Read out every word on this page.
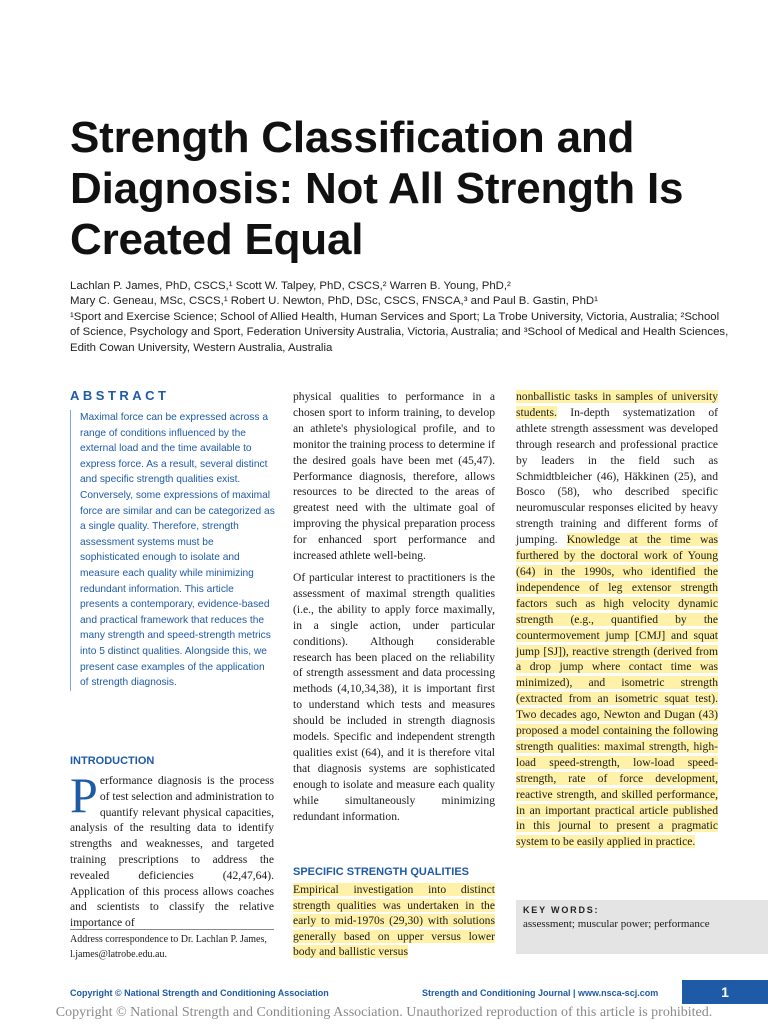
Strength Classification and Diagnosis: Not All Strength Is Created Equal

Lachlan P. James, PhD, CSCS,¹ Scott W. Talpey, PhD, CSCS,² Warren B. Young, PhD,²

Mary C. Geneau, MSc, CSCS,¹ Robert U. Newton, PhD, DSc, CSCS, FNSCA,³ and Paul B. Gastin, PhD¹

¹Sport and Exercise Science; School of Allied Health, Human Services and Sport; La Trobe University, Victoria, Australia; ²School of Science, Psychology and Sport, Federation University Australia, Victoria, Australia; and ³School of Medical and Health Sciences, Edith Cowan University, Western Australia, Australia

ABSTRACT
Maximal force can be expressed across a range of conditions influenced by the external load and the time available to express force. As a result, several distinct and specific strength qualities exist. Conversely, some expressions of maximal force are similar and can be categorized as a single quality. Therefore, strength assessment systems must be sophisticated enough to isolate and measure each quality while minimizing redundant information. This article presents a contemporary, evidence-based and practical framework that reduces the many strength and speed-strength metrics into 5 distinct qualities. Alongside this, we present case examples of the application of strength diagnosis.
INTRODUCTION
Performance diagnosis is the process of test selection and administration to quantify relevant physical capacities, analysis of the resulting data to identify strengths and weaknesses, and targeted training prescriptions to address the revealed deficiencies (42,47,64). Application of this process allows coaches and scientists to classify the relative importance of
Address correspondence to Dr. Lachlan P. James, l.james@latrobe.edu.au.

physical qualities to performance in a chosen sport to inform training, to develop an athlete's physiological profile, and to monitor the training process to determine if the desired goals have been met (45,47). Performance diagnosis, therefore, allows resources to be directed to the areas of greatest need with the ultimate goal of improving the physical preparation process for enhanced sport performance and increased athlete well-being.

Of particular interest to practitioners is the assessment of maximal strength qualities (i.e., the ability to apply force maximally, in a single action, under particular conditions). Although considerable research has been placed on the reliability of strength assessment and data processing methods (4,10,34,38), it is important first to understand which tests and measures should be included in strength diagnosis models. Specific and independent strength qualities exist (64), and it is therefore vital that diagnosis systems are sophisticated enough to isolate and measure each quality while simultaneously minimizing redundant information.

SPECIFIC STRENGTH QUALITIES
Empirical investigation into distinct strength qualities was undertaken in the early to mid-1970s (29,30) with solutions generally based on upper versus lower body and ballistic versus
nonballistic tasks in samples of university students. In-depth systematization of athlete strength assessment was developed through research and professional practice by leaders in the field such as Schmidtbleicher (46), Häkkinen (25), and Bosco (58), who described specific neuromuscular responses elicited by heavy strength training and different forms of jumping. Knowledge at the time was furthered by the doctoral work of Young (64) in the 1990s, who identified the independence of leg extensor strength factors such as high velocity dynamic strength (e.g., quantified by the countermovement jump [CMJ] and squat jump [SJ]), reactive strength (derived from a drop jump where contact time was minimized), and isometric strength (extracted from an isometric squat test). Two decades ago, Newton and Dugan (43) proposed a model containing the following strength qualities: maximal strength, high-load speed-strength, low-load speed-strength, rate of force development, reactive strength, and skilled performance, in an important practical article published in this journal to present a pragmatic system to be easily applied in practice.
KEY WORDS:
assessment; muscular power; performance
Copyright © National Strength and Conditioning Association	Strength and Conditioning Journal | www.nsca-scj.com	1
Copyright © National Strength and Conditioning Association. Unauthorized reproduction of this article is prohibited.
